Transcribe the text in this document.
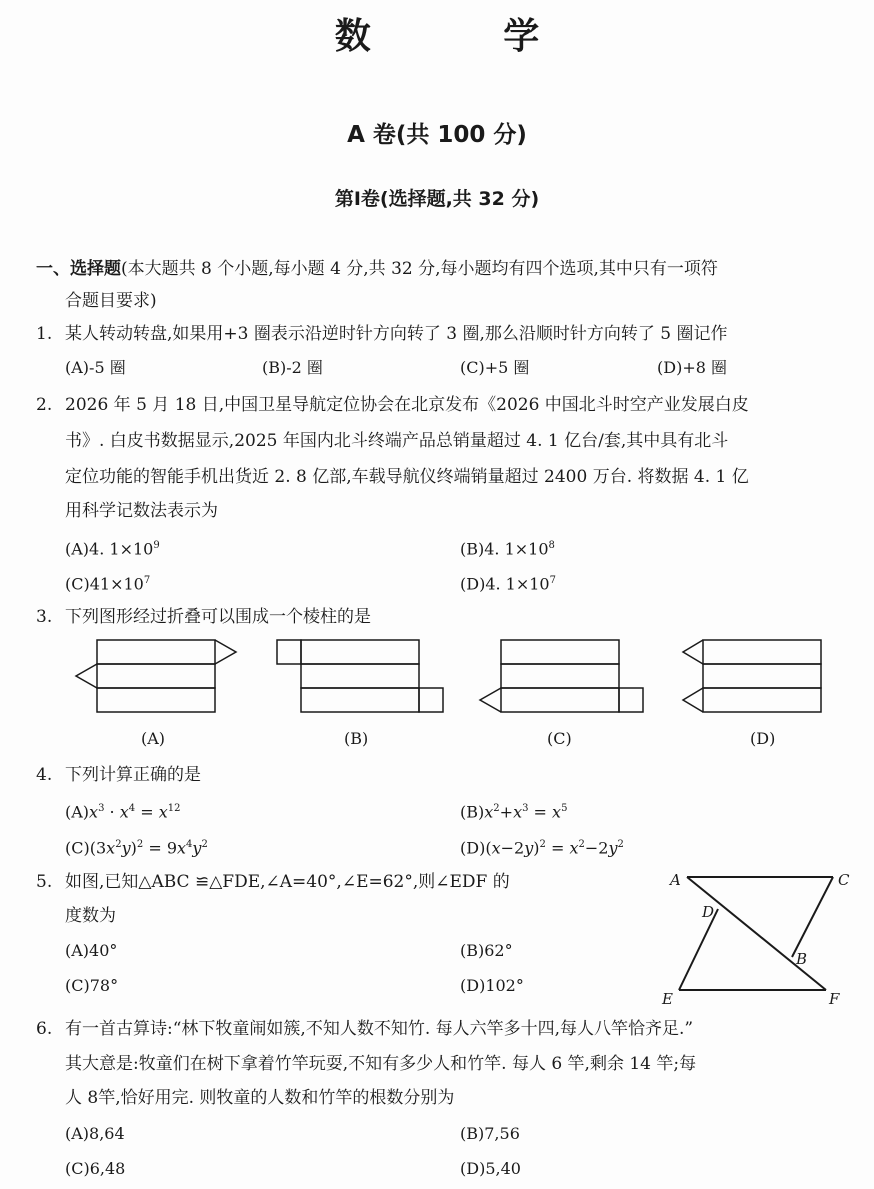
数 学
A 卷(共 100 分)
第Ⅰ卷(选择题,共 32 分)
一、选择题(本大题共 8 个小题,每小题 4 分,共 32 分,每小题均有四个选项,其中只有一项符
合题目要求)
1. 某人转动转盘,如果用+3 圈表示沿逆时针方向转了 3 圈,那么沿顺时针方向转了 5 圈记作
(A)-5 圈	(B)-2 圈	(C)+5 圈	(D)+8 圈
2. 2026 年 5 月 18 日,中国卫星导航定位协会在北京发布《2026 中国北斗时空产业发展白皮
书》. 白皮书数据显示,2025 年国内北斗终端产品总销量超过 4. 1 亿台/套,其中具有北斗
定位功能的智能手机出货近 2. 8 亿部,车载导航仪终端销量超过 2400 万台. 将数据 4. 1 亿
用科学记数法表示为
(A)4. $1\times 10^9$	(B)4. $1\times 10^8$
$(C)41\times 10^7$	(D)4. $1\times 10^7$
3. 下列图形经过折叠可以围成一个棱柱的是
(A)	(B)	(C)	(D)
4. 下列计算正确的是
$(A)x^3 \cdot x^4 = x^{12}$	$(B)x^2+x^3 = x^5$
$(C)(3x^2y)^2 = 9x^4y^2$	$(D)(x-2y)^2 = x^2-2y^2$
5. 如图,已知△ABC ≌△FDE,∠A=40°,∠E=62°,则∠EDF 的
度数为
(A)40°	(B)62°
(C)78°	(D)102°
A	C
D
B
E	F
6. 有一首古算诗:“林下牧童闹如簇,不知人数不知竹. 每人六竿多十四,每人八竿恰齐足.”
其大意是:牧童们在树下拿着竹竿玩耍,不知有多少人和竹竿. 每人 6 竿,剩余 14 竿;每
人 8竿,恰好用完. 则牧童的人数和竹竿的根数分别为
(A)8,64	(B)7,56
(C)6,48	(D)5,40
